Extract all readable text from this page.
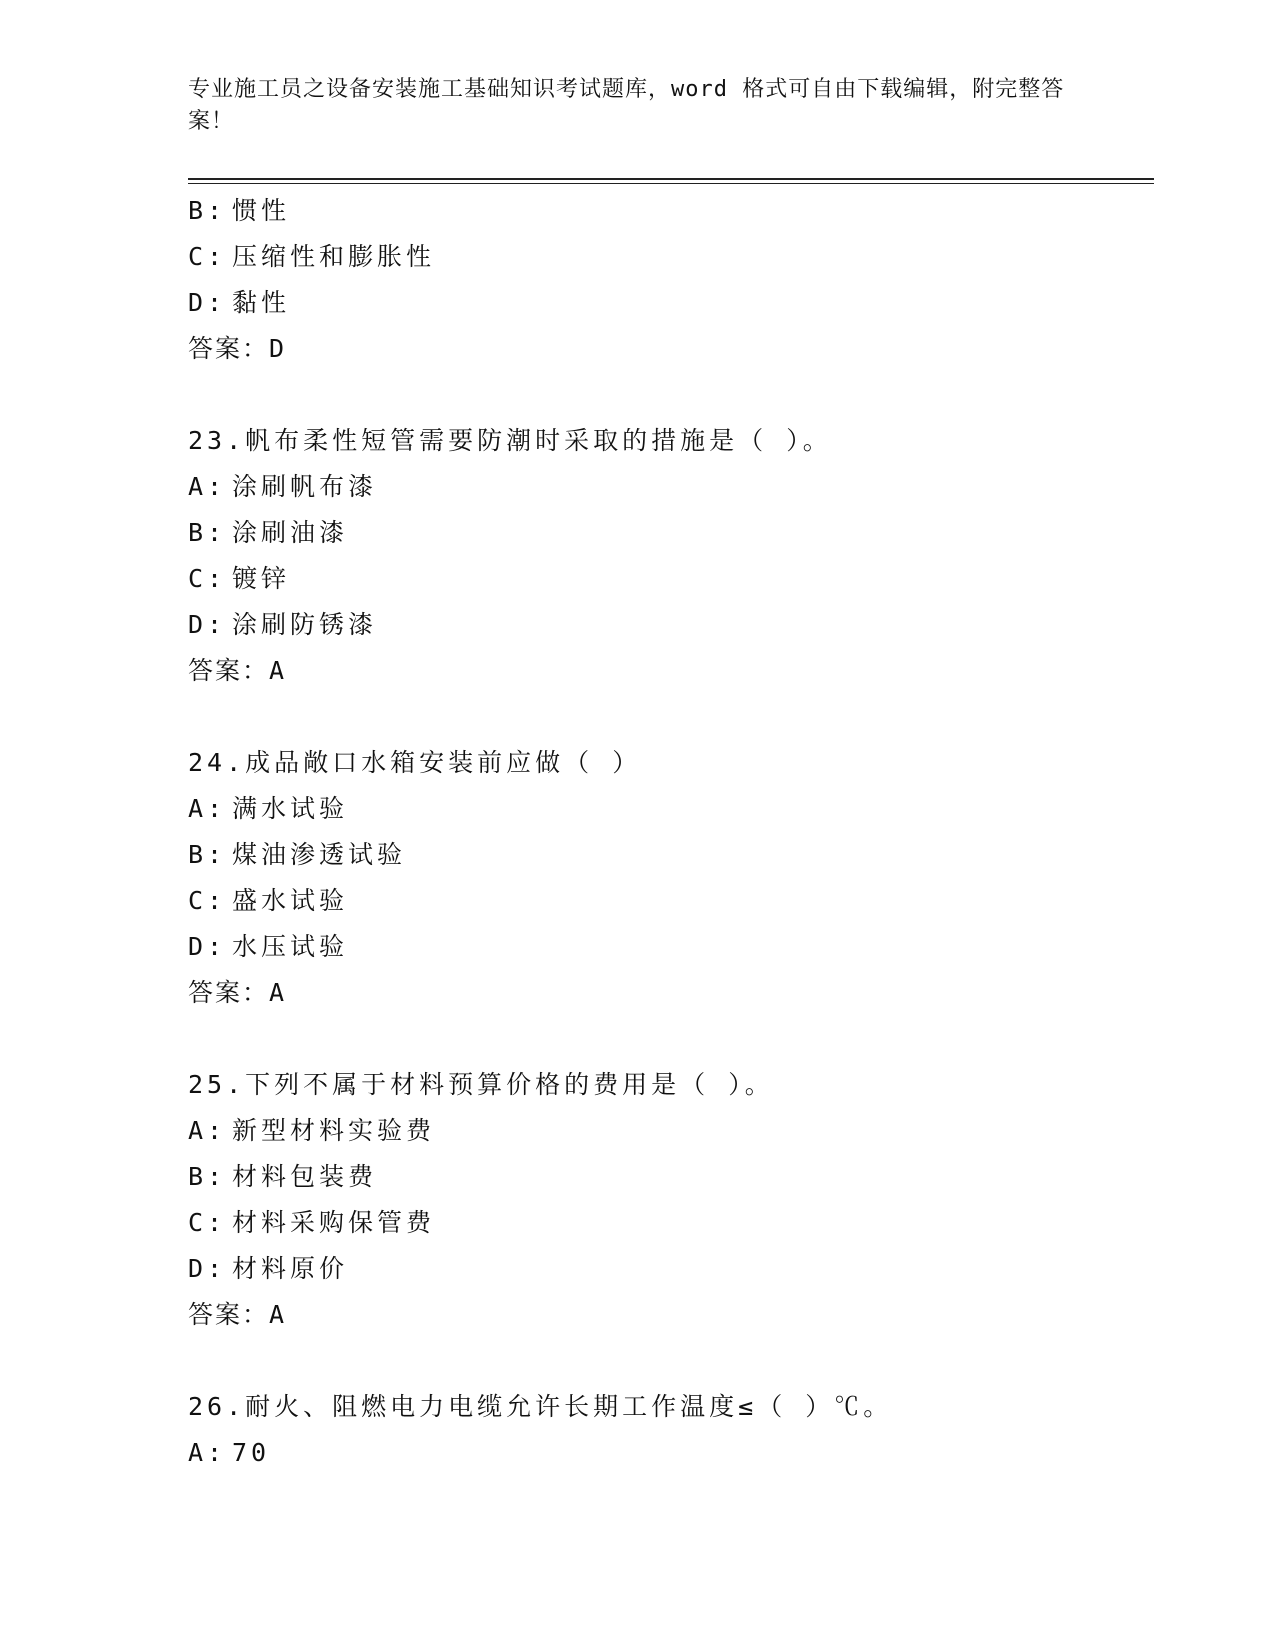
专业施工员之设备安装施工基础知识考试题库，word 格式可自由下载编辑，附完整答案！
B: 惯性
C: 压缩性和膨胀性
D: 黏性
答案：D
23.帆布柔性短管需要防潮时采取的措施是（ ）。
A: 涂刷帆布漆
B: 涂刷油漆
C: 镀锌
D: 涂刷防锈漆
答案：A
24.成品敞口水箱安装前应做（ ）
A: 满水试验
B: 煤油渗透试验
C: 盛水试验
D: 水压试验
答案：A
25.下列不属于材料预算价格的费用是（ ）。
A: 新型材料实验费
B: 材料包装费
C: 材料采购保管费
D: 材料原价
答案：A
26.耐火、阻燃电力电缆允许长期工作温度≤（ ）℃。
A: 70
